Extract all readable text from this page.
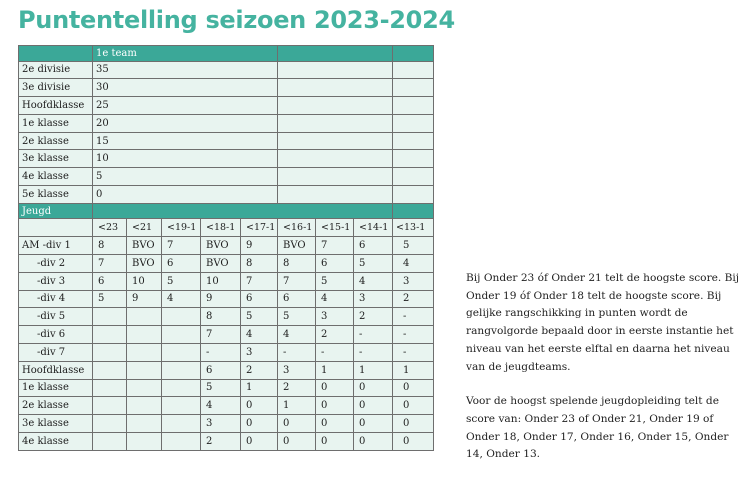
Puntentelling seizoen 2023-2024
	1e team								
2e divisie	35								
3e divisie	30								
Hoofdklasse	25								
1e klasse	20								
2e klasse	15								
3e klasse	10								
4e klasse	5								
5e klasse	0								
Jeugd									
	<23	<21	<19-1	<18-1	<17-1	<16-1	<15-1	<14-1	<13-1
AM -div 1	8	BVO	7	BVO	9	BVO	7	6	5
-div 2	7	BVO	6	BVO	8	8	6	5	4
-div 3	6	10	5	10	7	7	5	4	3
-div 4	5	9	4	9	6	6	4	3	2
-div 5				8	5	5	3	2	-
-div 6				7	4	4	2	-	-
-div 7				-	3	-	-	-	-
Hoofdklasse				6	2	3	1	1	1
1e klasse				5	1	2	0	0	0
2e klasse				4	0	1	0	0	0
3e klasse				3	0	0	0	0	0
4e klasse				2	0	0	0	0	0

Bij Onder 23 óf Onder 21 telt de hoogste score. Bij Onder 19 óf Onder 18 telt de hoogste score. Bij gelijke rangschikking in punten wordt de rangvolgorde bepaald door in eerste instantie het niveau van het eerste elftal en daarna het niveau van de jeugdteams.

Voor de hoogst spelende jeugdopleiding telt de score van: Onder 23 of Onder 21, Onder 19 of Onder 18, Onder 17, Onder 16, Onder 15, Onder 14, Onder 13.
